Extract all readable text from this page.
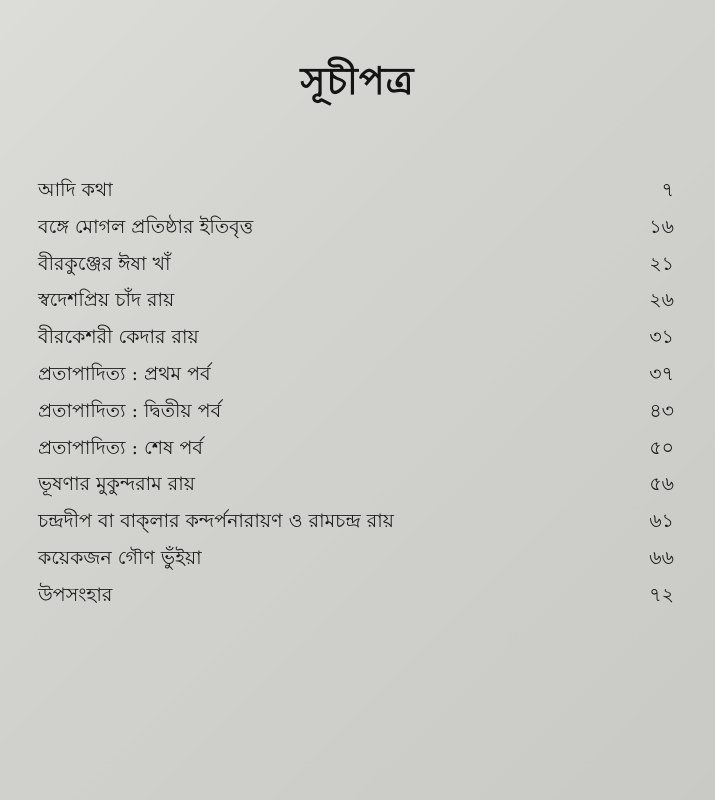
সূচীপত্র
আদি কথা	৭
বঙ্গে মোগল প্রতিষ্ঠার ইতিবৃত্ত	১৬
বীরকুঞ্জের ঈষা খাঁ	২১
স্বদেশপ্রিয় চাঁদ রায়	২৬
বীরকেশরী কেদার রায়	৩১
প্রতাপাদিত্য : প্রথম পর্ব	৩৭
প্রতাপাদিত্য : দ্বিতীয় পর্ব	৪৩
প্রতাপাদিত্য : শেষ পর্ব	৫০
ভূষণার মুকুন্দরাম রায়	৫৬
চন্দ্রদীপ বা বাক্‌লার কন্দর্পনারায়ণ ও রামচন্দ্র রায়	৬১
কয়েকজন গৌণ ভুঁইয়া	৬৬
উপসংহার	৭২
